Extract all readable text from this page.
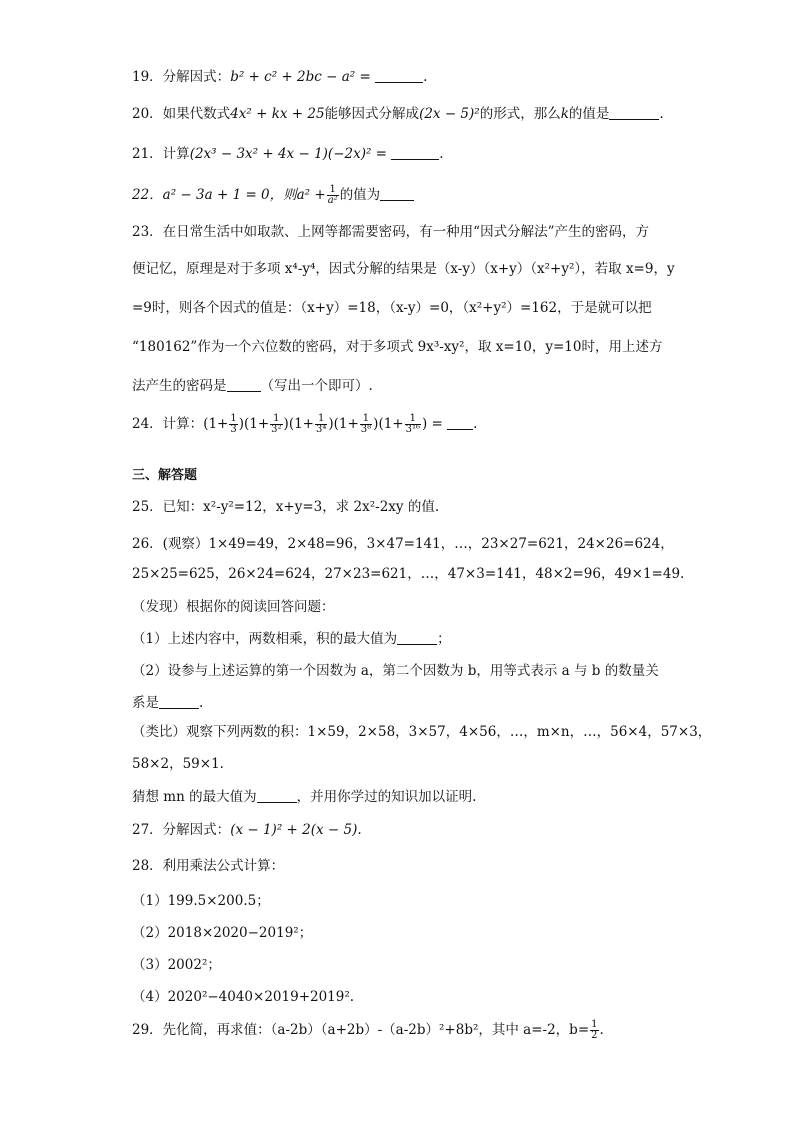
19．分解因式：b² + c² + 2bc − a² =	.
20．如果代数式4x² + kx + 25能够因式分解成(2x − 5)²的形式，那么k的值是	.
21．计算(2x³ − 3x² + 4x − 1)(−2x)² =	.
22．a² − 3a + 1 = 0，则$a^2 + \frac{1}{\text{a²}}$ 的值为
23．在日常生活中如取款、上网等都需要密码，有一种用“因式分解法”产生的密码，方
便记忆，原理是对于多项 x⁴-y⁴，因式分解的结果是（x-y）（x+y）（x²+y²），若取 x=9，y
=9时，则各个因式的值是：（x+y）=18，（x-y）=0，（x²+y²）=162，于是就可以把
“180162”作为一个六位数的密码，对于多项式 9x³-xy²，取 x=10，y=10时，用上述方
法产生的密码是	（写出一个即可）.
24．计算：$(1+ \frac{1}{3} )(1+ \frac{1}{\text{3²}} )(1+ \frac{1}{\text{3⁴}} )(1+ \frac{1}{\text{3⁸}} )(1+ \frac{1}{\text{3¹⁶}}$ ) = .
三、解答题
25．已知：x²-y²=12，x+y=3，求 2x²-2xy 的值.
26．(观察）1×49=49，2×48=96，3×47=141，…，23×27=621，24×26=624，
25×25=625，26×24=624，27×23=621，…，47×3=141，48×2=96，49×1=49.
（发现）根据你的阅读回答问题：
（1）上述内容中，两数相乘，积的最大值为	；
（2）设参与上述运算的第一个因数为 a，第二个因数为 b，用等式表示 a 与 b 的数量关
系是	.
（类比）观察下列两数的积：1×59，2×58，3×57，4×56，…，m×n，…，56×4，57×3，
58×2，59×1.
猜想 mn 的最大值为	，并用你学过的知识加以证明.
27．分解因式：(x − 1)² + 2(x − 5).
28．利用乘法公式计算：
（1）199.5×200.5；
（2）2018×2020−2019²；
（3）2002²；
（4）2020²−4040×2019+2019².
29．先化简，再求值：（a-2b）（a+2b）-（a-2b）²+8b²，其中 a=-2，$b= \frac{1}{2}$ .
